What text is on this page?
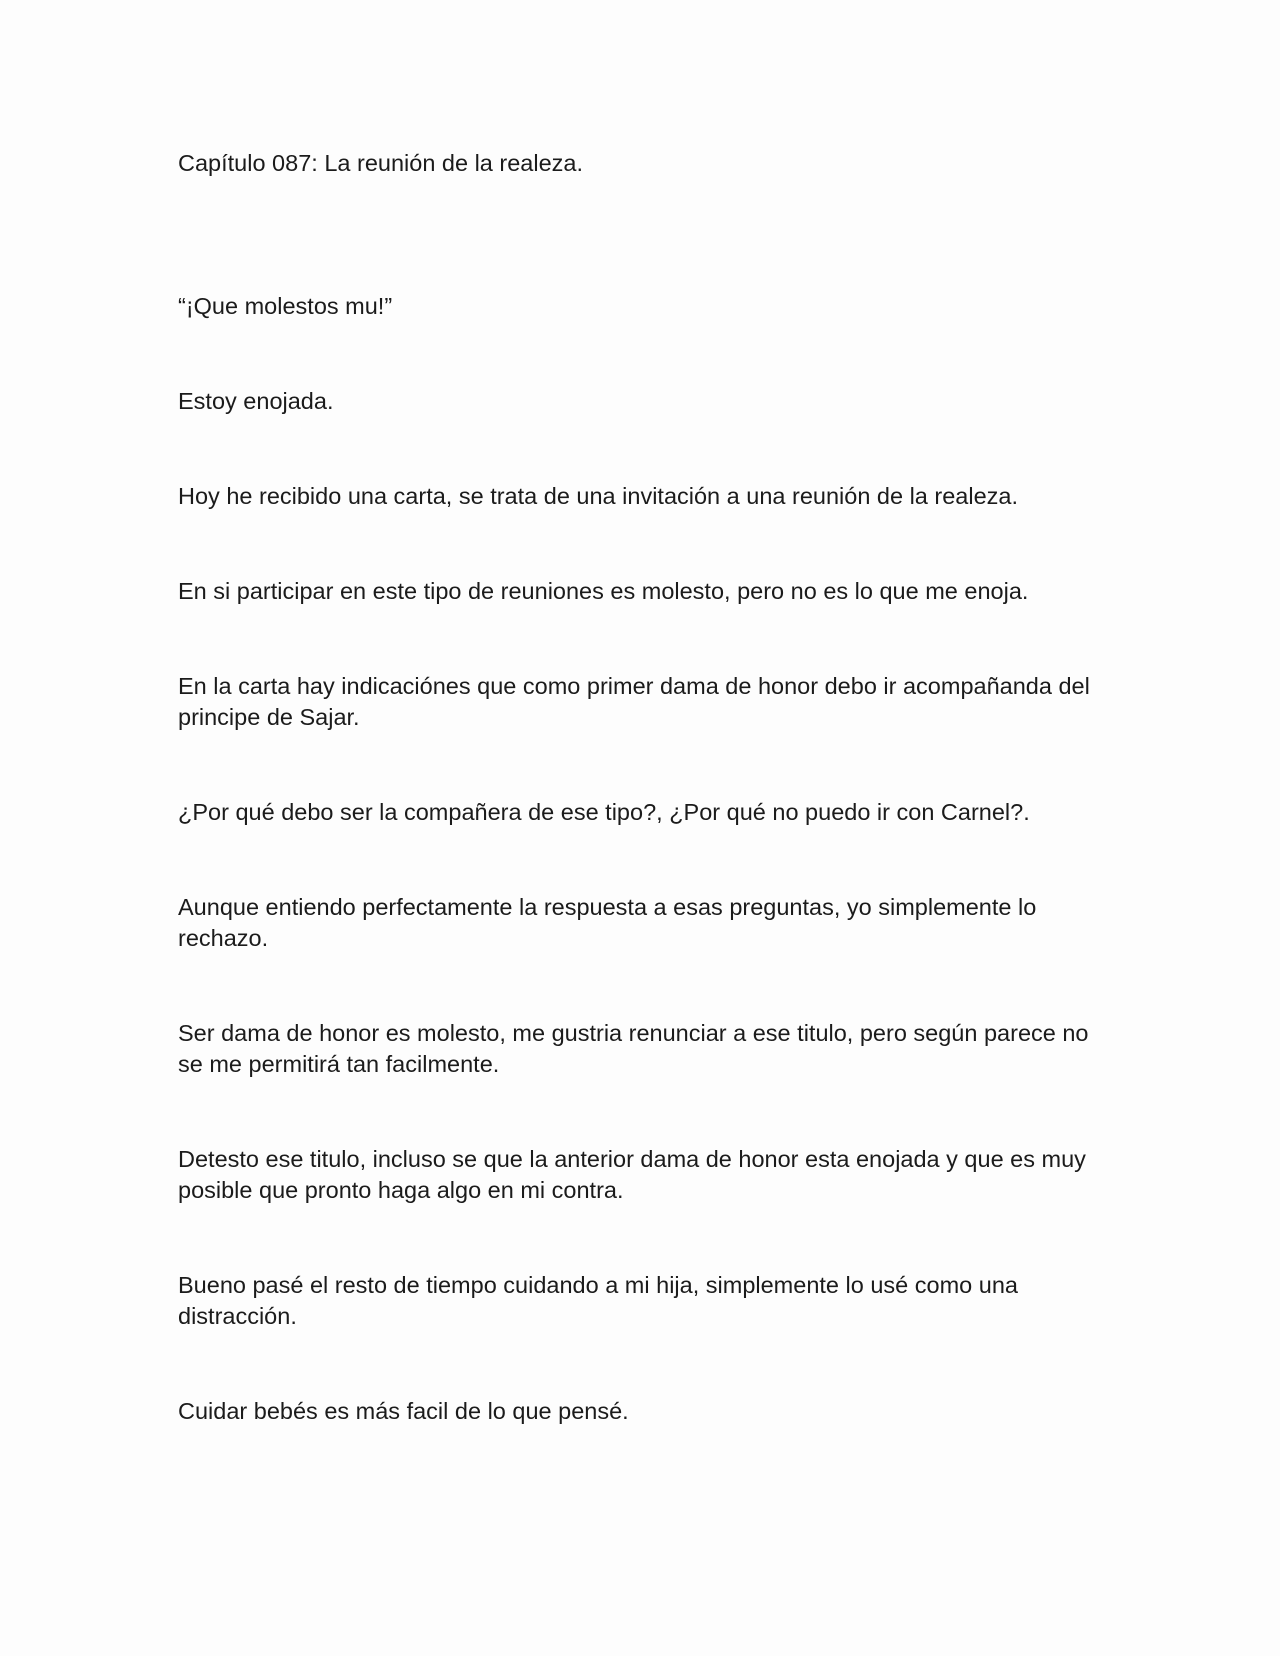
Capítulo 087: La reunión de la realeza.

“¡Que molestos mu!”

Estoy enojada.

Hoy he recibido una carta, se trata de una invitación a una reunión de la realeza.

En si participar en este tipo de reuniones es molesto, pero no es lo que me enoja.

En la carta hay indicaciónes que como primer dama de honor debo ir acompañanda del principe de Sajar.

¿Por qué debo ser la compañera de ese tipo?, ¿Por qué no puedo ir con Carnel?.

Aunque entiendo perfectamente la respuesta a esas preguntas, yo simplemente lo rechazo.

Ser dama de honor es molesto, me gustria renunciar a ese titulo, pero según parece no se me permitirá tan facilmente.

Detesto ese titulo, incluso se que la anterior dama de honor esta enojada y que es muy posible que pronto haga algo en mi contra.

Bueno pasé el resto de tiempo cuidando a mi hija, simplemente lo usé como una distracción.

Cuidar bebés es más facil de lo que pensé.
